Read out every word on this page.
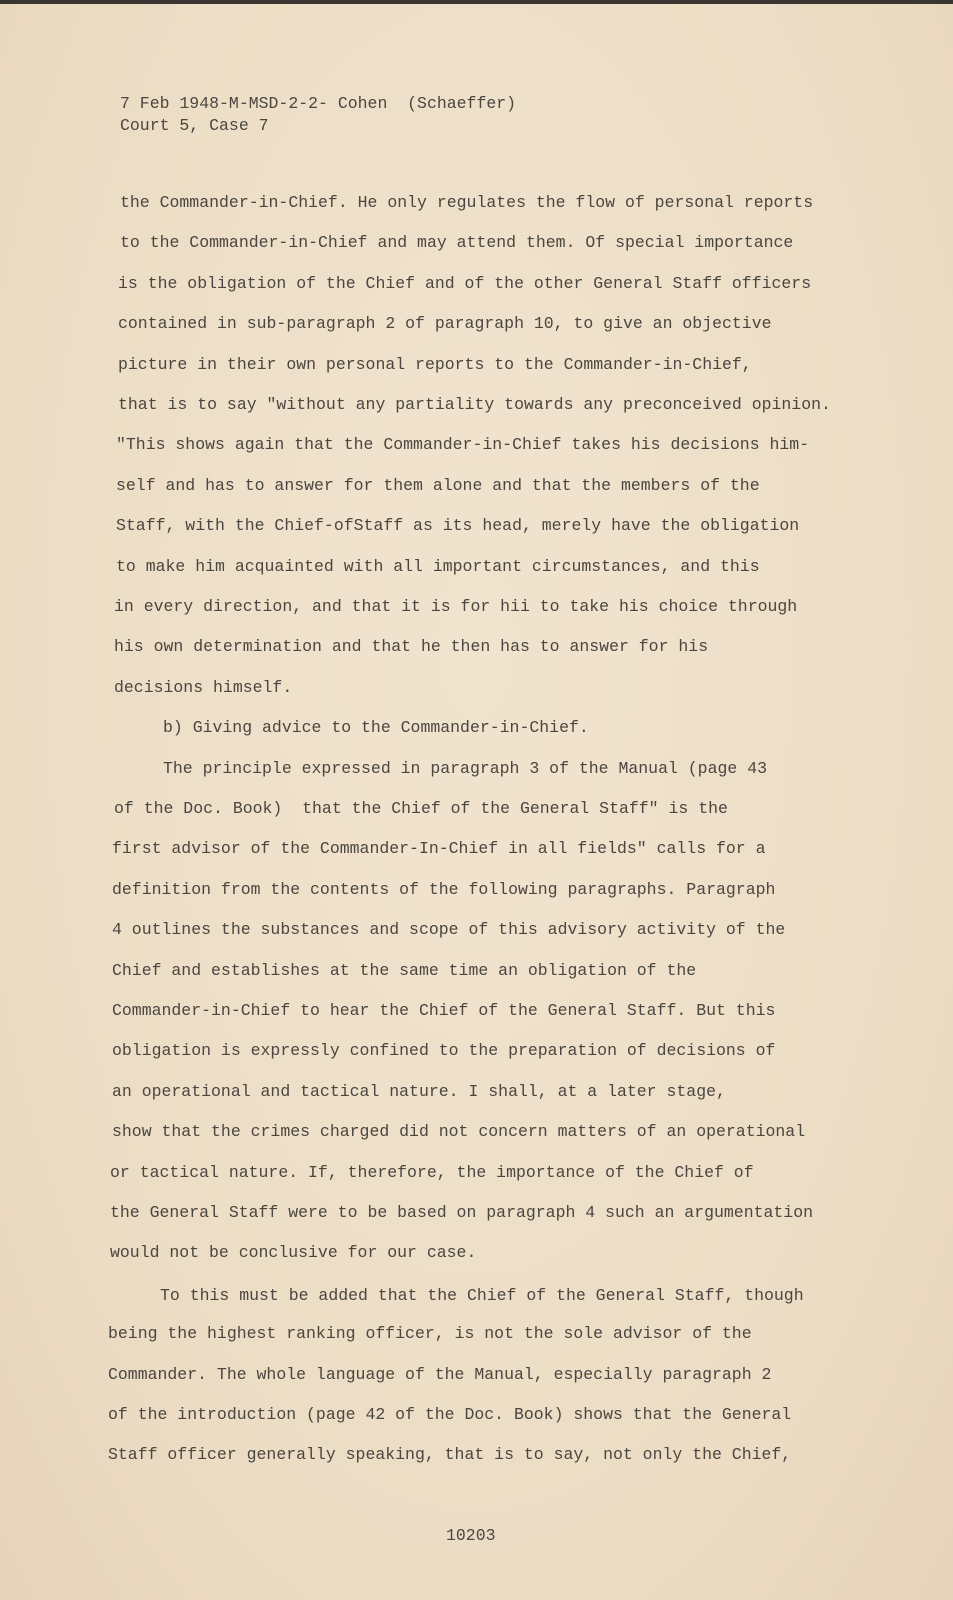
7 Feb 1948-M-MSD-2-2- Cohen  (Schaeffer)
Court 5, Case 7
the Commander-in-Chief. He only regulates the flow of personal reports
to the Commander-in-Chief and may attend them. Of special importance
is the obligation of the Chief and of the other General Staff officers
contained in sub-paragraph 2 of paragraph 10, to give an objective
picture in their own personal reports to the Commander-in-Chief,
that is to say "without any partiality towards any preconceived opinion.
"This shows again that the Commander-in-Chief takes his decisions him-
self and has to answer for them alone and that the members of the
Staff, with the Chief-ofStaff as its head, merely have the obligation
to make him acquainted with all important circumstances, and this
in every direction, and that it is for hii to take his choice through
his own determination and that he then has to answer for his
decisions himself.
b) Giving advice to the Commander-in-Chief.
The principle expressed in paragraph 3 of the Manual (page 43
of the Doc. Book)  that the Chief of the General Staff" is the
first advisor of the Commander-In-Chief in all fields" calls for a
definition from the contents of the following paragraphs. Paragraph
4 outlines the substances and scope of this advisory activity of the
Chief and establishes at the same time an obligation of the
Commander-in-Chief to hear the Chief of the General Staff. But this
obligation is expressly confined to the preparation of decisions of
an operational and tactical nature. I shall, at a later stage,
show that the crimes charged did not concern matters of an operational
or tactical nature. If, therefore, the importance of the Chief of
the General Staff were to be based on paragraph 4 such an argumentation
would not be conclusive for our case.
To this must be added that the Chief of the General Staff, though
being the highest ranking officer, is not the sole advisor of the
Commander. The whole language of the Manual, especially paragraph 2
of the introduction (page 42 of the Doc. Book) shows that the General
Staff officer generally speaking, that is to say, not only the Chief,
10203
